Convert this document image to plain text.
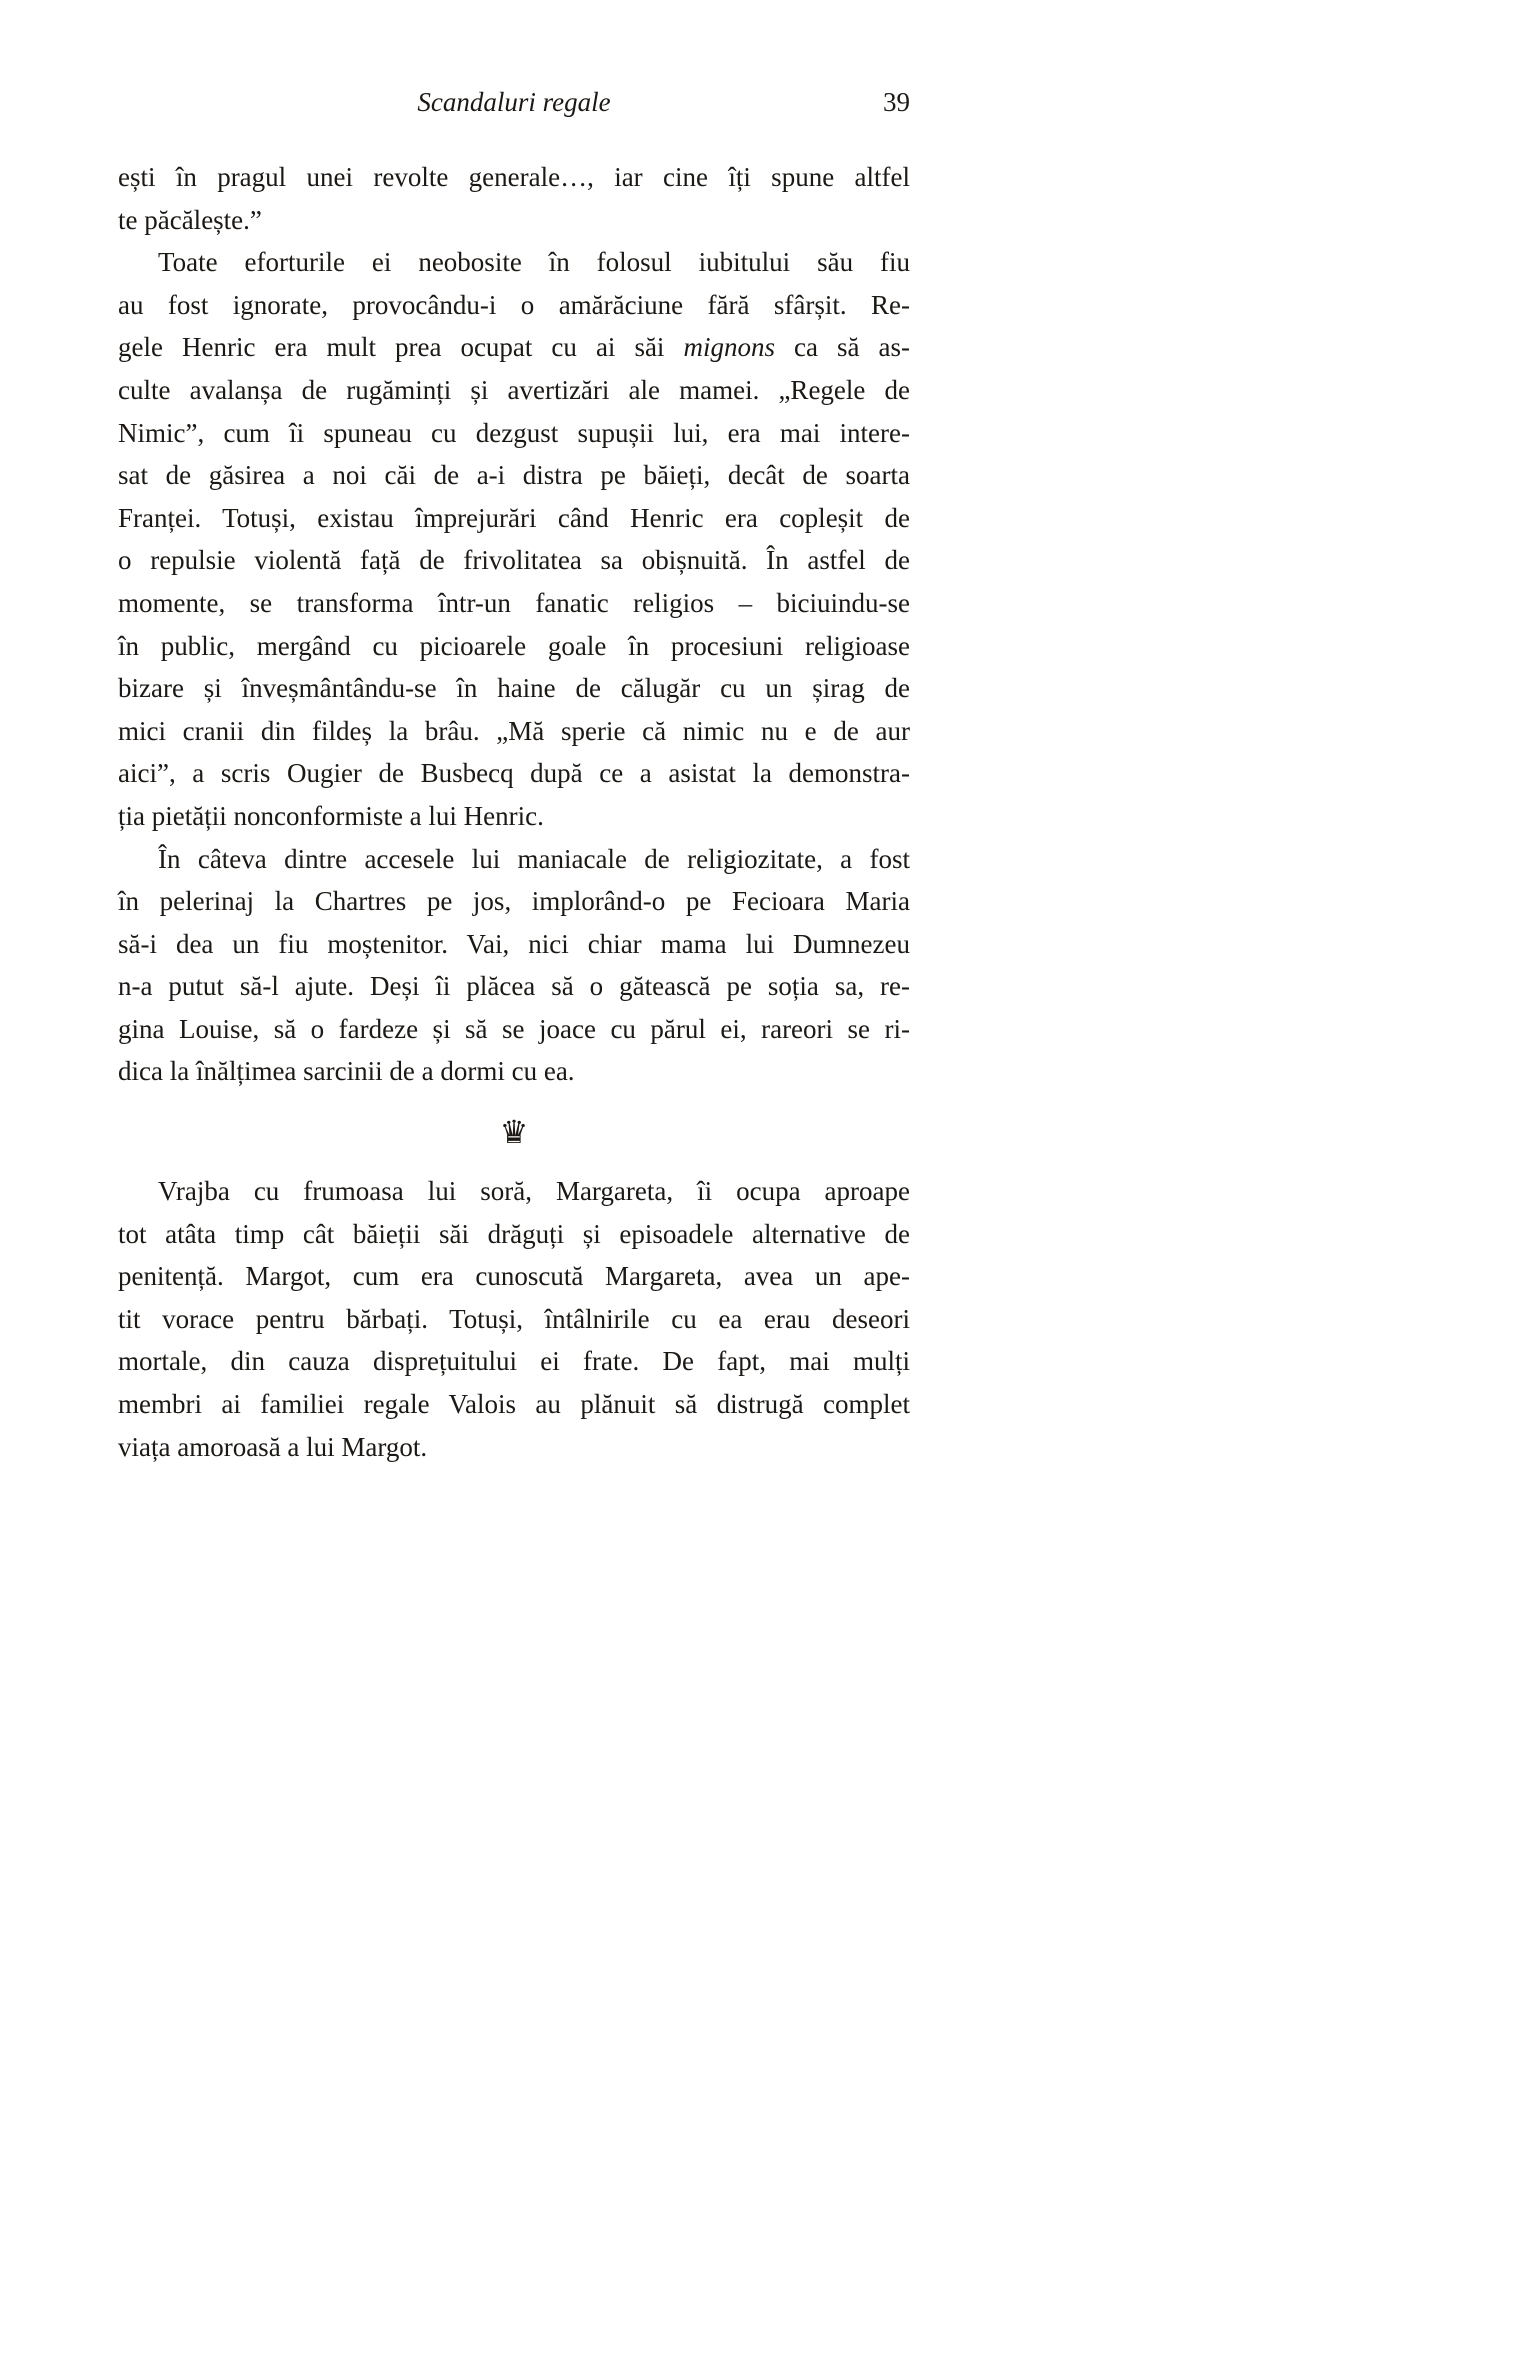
Scandaluri regale	39

ești în pragul unei revolte generale…, iar cine îți spune altfel
te păcălește.”

Toate eforturile ei neobosite în folosul iubitului său fiu
au fost ignorate, provocându-i o amărăciune fără sfârșit. Re-
gele Henric era mult prea ocupat cu ai săi mignons ca să as-
culte avalanșa de rugăminți și avertizări ale mamei. „Regele de
Nimic”, cum îi spuneau cu dezgust supușii lui, era mai intere-
sat de găsirea a noi căi de a-i distra pe băieți, decât de soarta
Franței. Totuși, existau împrejurări când Henric era copleșit de
o repulsie violentă față de frivolitatea sa obișnuită. În astfel de
momente, se transforma într-un fanatic religios – biciuindu-se
în public, mergând cu picioarele goale în procesiuni religioase
bizare și înveșmântându-se în haine de călugăr cu un șirag de
mici cranii din fildeș la brâu. „Mă sperie că nimic nu e de aur
aici”, a scris Ougier de Busbecq după ce a asistat la demonstra-
ția pietății nonconformiste a lui Henric.

În câteva dintre accesele lui maniacale de religiozitate, a fost
în pelerinaj la Chartres pe jos, implorând-o pe Fecioara Maria
să-i dea un fiu moștenitor. Vai, nici chiar mama lui Dumnezeu
n-a putut să-l ajute. Deși îi plăcea să o gătească pe soția sa, re-
gina Louise, să o fardeze și să se joace cu părul ei, rareori se ri-
dica la înălțimea sarcinii de a dormi cu ea.

♛

Vrajba cu frumoasa lui soră, Margareta, îi ocupa aproape
tot atâta timp cât băieții săi drăguți și episoadele alternative de
penitență. Margot, cum era cunoscută Margareta, avea un ape-
tit vorace pentru bărbați. Totuși, întâlnirile cu ea erau deseori
mortale, din cauza disprețuitului ei frate. De fapt, mai mulți
membri ai familiei regale Valois au plănuit să distrugă complet
viața amoroasă a lui Margot.
